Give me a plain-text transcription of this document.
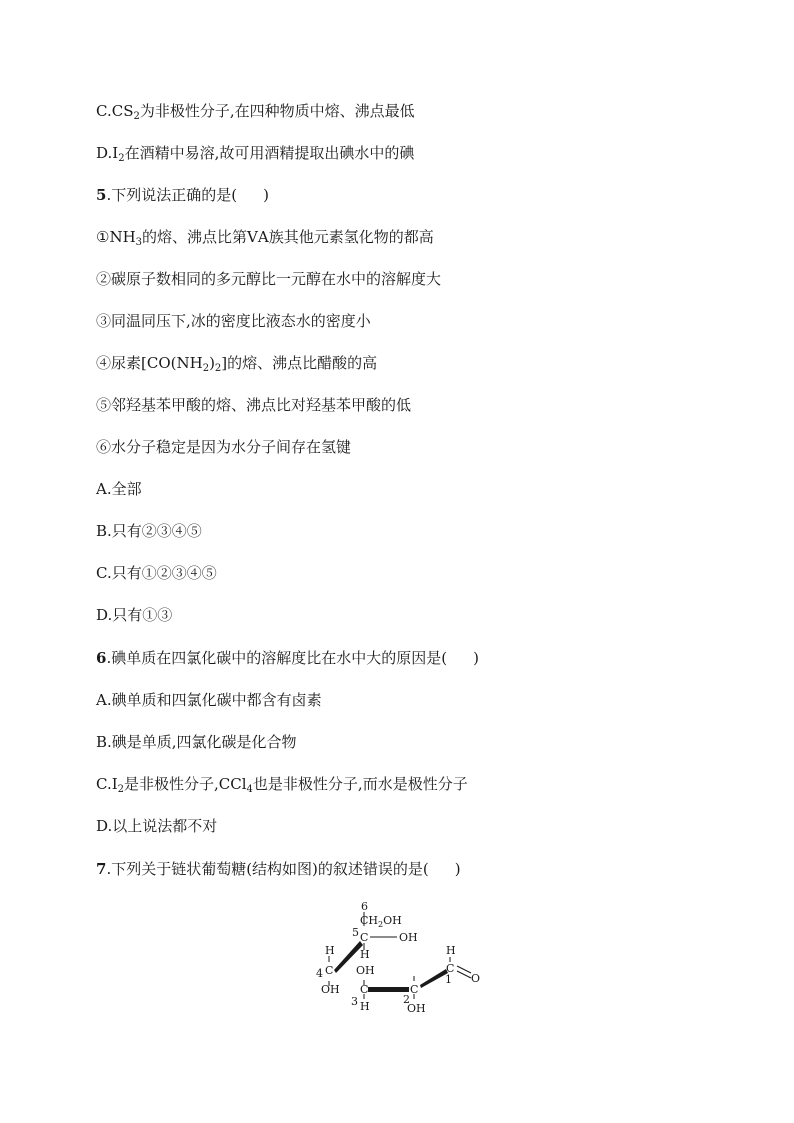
$C.CS_2$为非极性分子,在四种物质中熔、沸点最低
$D.I_2$在酒精中易溶,故可用酒精提取出碘水中的碘
5.下列说法正确的是( )
$①NH_3$的熔、沸点比第ⅤA族其他元素氢化物的都高
②碳原子数相同的多元醇比一元醇在水中的溶解度大
③同温同压下,冰的密度比液态水的密度小
④尿素$[CO(NH_2)_2]$的熔、沸点比醋酸的高
⑤邻羟基苯甲酸的熔、沸点比对羟基苯甲酸的低
⑥水分子稳定是因为水分子间存在氢键
A.全部
B.只有②③④⑤
C.只有①②③④⑤
D.只有①③
6.碘单质在四氯化碳中的溶解度比在水中大的原因是( )
A.碘单质和四氯化碳中都含有卤素
B.碘是单质,四氯化碳是化合物
$C.I_2$是非极性分子,CCl$_4$也是非极性分子,而水是极性分子
D.以上说法都不对
7.下列关于链状葡萄糖(结构如图)的叙述错误的是( )
6
$CH_2OH$
5 C	OH
H
H
4 C
OH
OH
3
C
H
C
2
OH
H
C
1 O
